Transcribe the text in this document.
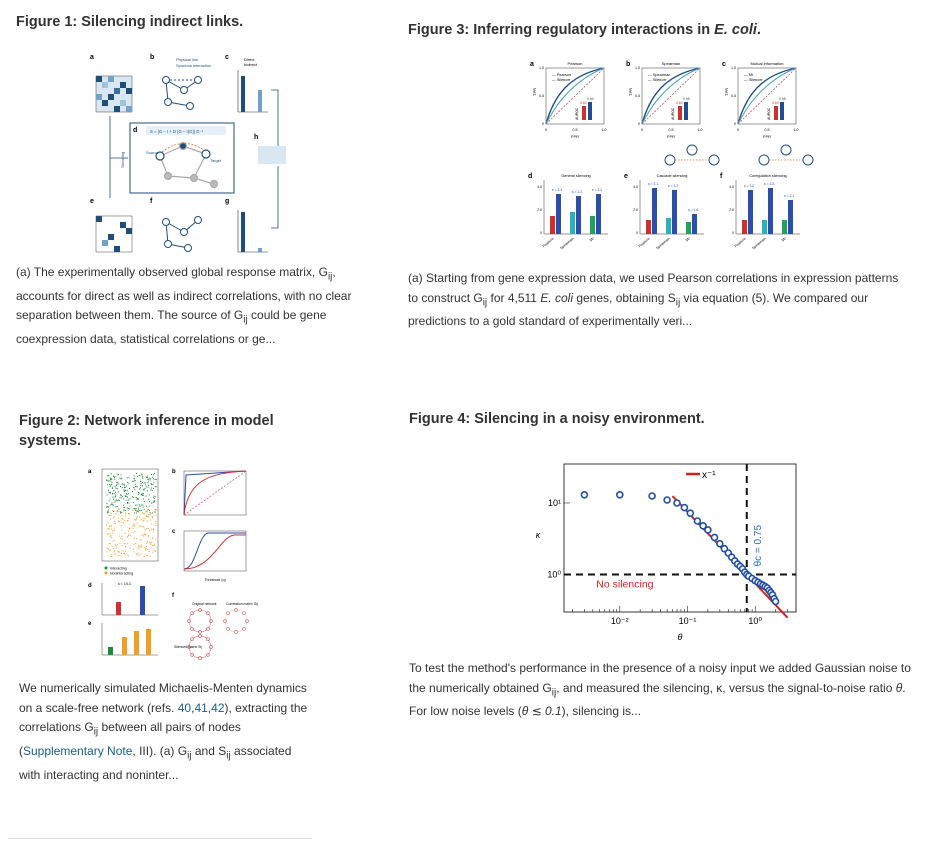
Figure 1: Silencing indirect links.
a	b	c
Physical link
Spurious interaction
Direct
Indirect
d	S = (G − I + D (G − I)G)) G⁻¹
Source
Target
Silencing
h
e	f	g
(a) The experimentally observed global response matrix, $G_{ij}$, accounts for direct as well as indirect correlations, with no clear separation between them. The source of $G_{ij}$ could be gene coexpression data, statistical correlations or ge...
Figure 3: Inferring regulatory interactions in E. coli.
a	Pearson
— Pearson
— Silencer
0.60
0.64
AUROC
TPR
FPR
0
0
0.5
0.5
1.0
1.0	b	Spearman
— Spearman
— Silencer
0.60
0.65
AUROC
TPR
FPR
0
0
0.5
0.5
1.0
1.0	c	Mutual information
— MI
— Silencer
0.60
0.68
AUROC
TPR
FPR
0
0
0.5
0.5
1.0
1.0
d	General silencing
4.0
2.0
0
κ = 2.3
Pearson
κ = 2.2
Spearman
κ = 2.2
MI
e	Cascade silencing
4.0
2.0
0
κ = 3.1
Pearson
κ = 3.3
Spearman
κ = 1.6
MI
f	Coregulation silencing
4.0
2.0
0
κ = 3.0
Pearson
κ = 3.3
Spearman
κ = 2.1
MI
(a) Starting from gene expression data, we used Pearson correlations in expression patterns to construct $G_{ij}$ for 4,511 E. coli genes, obtaining $S_{ij}$ via equation (5). We compared our predictions to a gold standard of experimentally veri...
Figure 2: Network inference in model systems.
a	b
c
d
e
f
Interacting
Noninteracting
Threshold (q)
κ = 15.3
Original network	Correlation matrix Gij
Silenced matrix Sij
We numerically simulated Michaelis-Menten dynamics on a scale-free network (refs. 40,41,42), extracting the correlations $G_{ij}$ between all pairs of nodes (Supplementary Note, III). (a) $G_{ij}$ and $S_{ij}$ associated with interacting and noninter...
Figure 4: Silencing in a noisy environment.
10⁻²	10⁻¹	10⁰
10¹
10⁰
θ
κ
No silencing
θc = 0.75
x⁻¹
To test the method's performance in the presence of a noisy input we added Gaussian noise to the numerically obtained $G_{ij}$, and measured the silencing, κ, versus the signal-to-noise ratio θ. For low noise levels (θ ≲ 0.1), silencing is...
